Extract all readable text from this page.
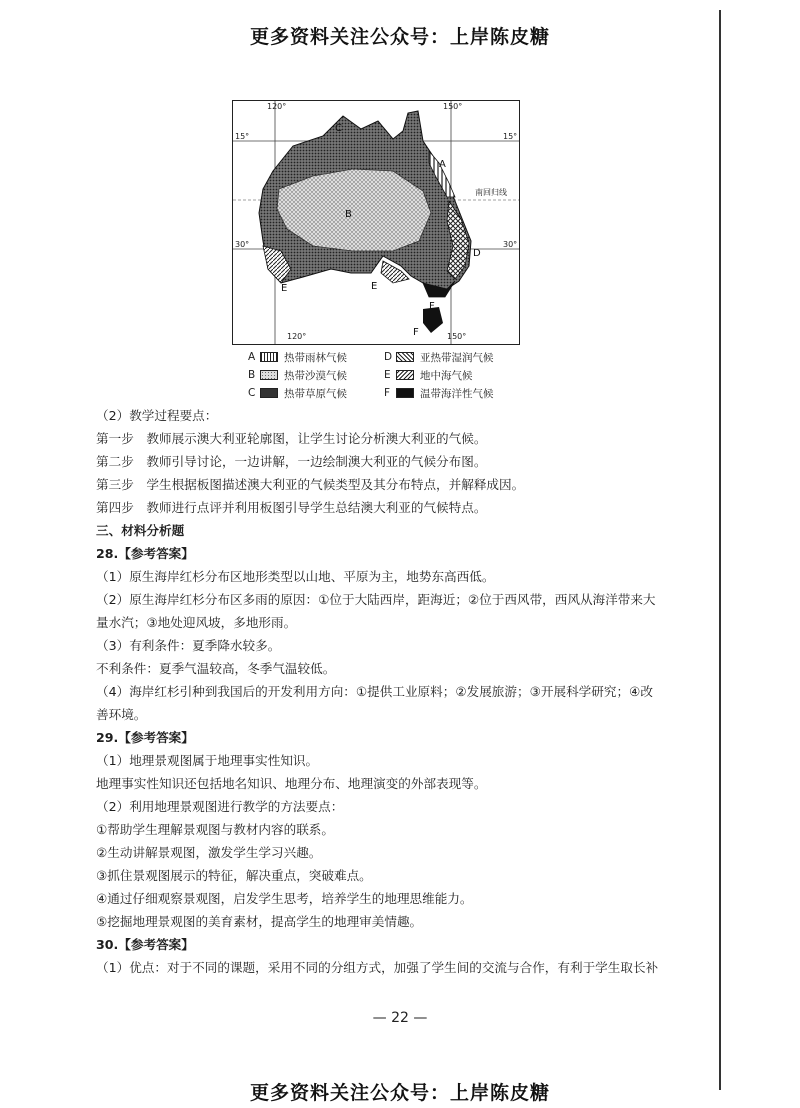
更多资料关注公众号：上岸陈皮糖
120°	150°
15°
30°	30°
15°
南回归线
120°	150°
A
B
C
D
E
F
E
F
A	热带雨林气候	D	亚热带湿润气候
B	热带沙漠气候	E	地中海气候
C	热带草原气候	F	温带海洋性气候

（2）教学过程要点：

第一步　教师展示澳大利亚轮廓图，让学生讨论分析澳大利亚的气候。

第二步　教师引导讨论，一边讲解，一边绘制澳大利亚的气候分布图。

第三步　学生根据板图描述澳大利亚的气候类型及其分布特点，并解释成因。

第四步　教师进行点评并利用板图引导学生总结澳大利亚的气候特点。

三、材料分析题

28.【参考答案】

（1）原生海岸红杉分布区地形类型以山地、平原为主，地势东高西低。

（2）原生海岸红杉分布区多雨的原因：①位于大陆西岸，距海近；②位于西风带，西风从海洋带来大

量水汽；③地处迎风坡，多地形雨。

（3）有利条件：夏季降水较多。

不利条件：夏季气温较高，冬季气温较低。

（4）海岸红杉引种到我国后的开发利用方向：①提供工业原料；②发展旅游；③开展科学研究；④改

善环境。

29.【参考答案】

（1）地理景观图属于地理事实性知识。

地理事实性知识还包括地名知识、地理分布、地理演变的外部表现等。

（2）利用地理景观图进行教学的方法要点：

①帮助学生理解景观图与教材内容的联系。

②生动讲解景观图，激发学生学习兴趣。

③抓住景观图展示的特征，解决重点，突破难点。

④通过仔细观察景观图，启发学生思考，培养学生的地理思维能力。

⑤挖掘地理景观图的美育素材，提高学生的地理审美情趣。

30.【参考答案】

（1）优点：对于不同的课题，采用不同的分组方式，加强了学生间的交流与合作，有利于学生取长补

— 22 —
更多资料关注公众号：上岸陈皮糖
